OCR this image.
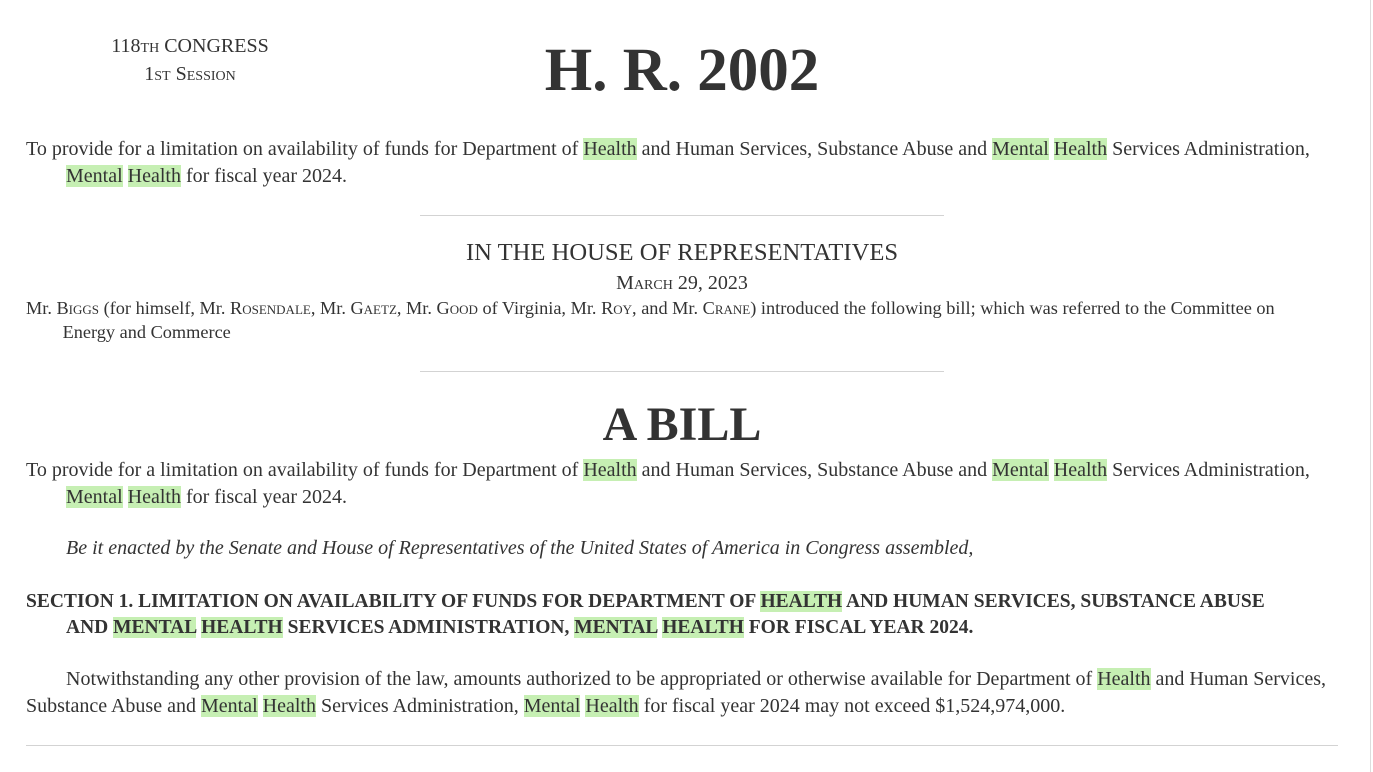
118th CONGRESS
1st Session	H. R. 2002
To provide for a limitation on availability of funds for Department of Health and Human Services, Substance Abuse and Mental Health Services Administration,
Mental Health for fiscal year 2024.
IN THE HOUSE OF REPRESENTATIVES
March 29, 2023
Mr. Biggs (for himself, Mr. Rosendale, Mr. Gaetz, Mr. Good of Virginia, Mr. Roy, and Mr. Crane) introduced the following bill; which was referred to the Committee on
Energy and Commerce
A BILL
To provide for a limitation on availability of funds for Department of Health and Human Services, Substance Abuse and Mental Health Services Administration,
Mental Health for fiscal year 2024.
Be it enacted by the Senate and House of Representatives of the United States of America in Congress assembled,
SECTION 1. LIMITATION ON AVAILABILITY OF FUNDS FOR DEPARTMENT OF HEALTH AND HUMAN SERVICES, SUBSTANCE ABUSE
AND MENTAL HEALTH SERVICES ADMINISTRATION, MENTAL HEALTH FOR FISCAL YEAR 2024.
Notwithstanding any other provision of the law, amounts authorized to be appropriated or otherwise available for Department of Health and Human Services,
Substance Abuse and Mental Health Services Administration, Mental Health for fiscal year 2024 may not exceed $1,524,974,000.
